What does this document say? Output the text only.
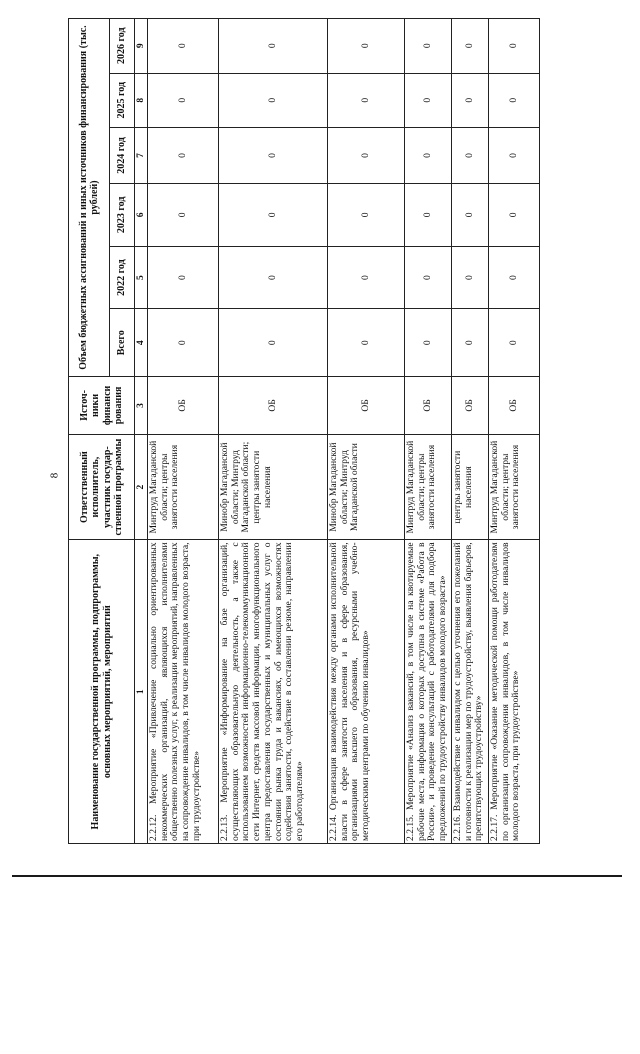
8
Наименование государственной программы, подпрограммы, основных мероприятий, мероприятий	Ответственный исполнитель, участник государ-ственной программы	Источ-ники финанси рования	Объем бюджетных ассигнований и иных источников финансирования (тыс. рублей)					
			Всего	2022 год	2023 год	2024 год	2025 год	2026 год
1	2	3	4	5	6	7	8	9
2.2.12. Мероприятие «Привлечение социально ориентированных некоммерческих организаций, являющихся исполнителями общественно полезных услуг, к реализации мероприятий, направленных на сопровождение инвалидов, в том числе инвалидов молодого возраста, при трудоустройстве»	Минтруд Магаданской области; центры занятости населения	ОБ	0	0	0	0	0	0
2.2.13. Мероприятие «Информирование на базе организаций, осуществляющих образовательную деятельность, а также с использованием возможностей информационно-телекоммуникационной сети Интернет, средств массовой информации, многофункционального центра предоставления государственных и муниципальных услуг о состоянии рынка труда и вакансиях, об имеющихся возможностях содействия занятости, содействие в составлении резюме, направлении его работодателям»	Минобр Магаданской области; Минтруд Магаданской области; центры занятости населения	ОБ	0	0	0	0	0	0
2.2.14. Организация взаимодействия между органами исполнительной власти в сфере занятости населения и в сфере образования, организациями высшего образования, ресурсными учебно-методическими центрами по обучению инвалидов»	Минобр Магаданской области; Минтруд Магаданской области	ОБ	0	0	0	0	0	0
2.2.15. Мероприятие «Анализ вакансий, в том числе на квотируемые рабочие места, информация о которых доступна в системе «Работа в России», и проведение консультаций с работодателями для подбора предложений по трудоустройству инвалидов молодого возраста»	Минтруд Магаданской области; центры занятости населения	ОБ	0	0	0	0	0	0
2.2.16. Взаимодействие с инвалидом с целью уточнения его пожеланий и готовности к реализации мер по трудоустройству, выявления барьеров, препятствующих трудоустройству»	центры занятости населения	ОБ	0	0	0	0	0	0
2.2.17. Мероприятие «Оказание методической помощи работодателям по организации сопровождения инвалидов, в том числе инвалидов молодого возраста, при трудоустройстве»	Минтруд Магаданской области; центры занятости населения	ОБ	0	0	0	0	0	0
